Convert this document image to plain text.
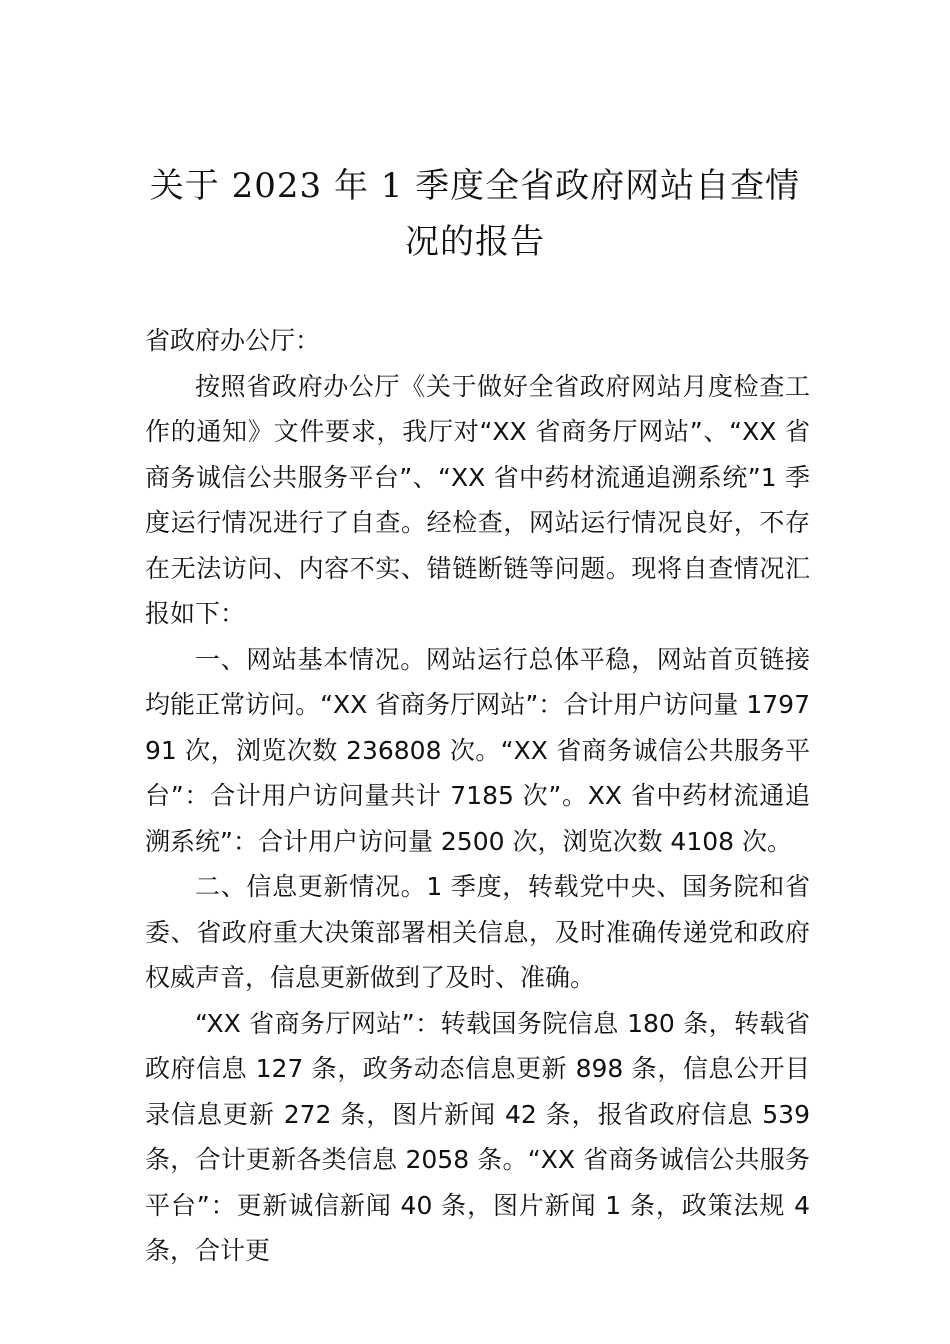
关于 2023 年 1 季度全省政府网站自查情
况的报告

省政府办公厅：

按照省政府办公厅《关于做好全省政府网站月度检查工作的通知》文件要求，我厅对“XX 省商务厅网站”、“XX 省商务诚信公共服务平台”、“XX 省中药材流通追溯系统”1 季度运行情况进行了自查。经检查，网站运行情况良好，不存在无法访问、内容不实、错链断链等问题。现将自查情况汇报如下：

一、网站基本情况。网站运行总体平稳，网站首页链接均能正常访问。“XX 省商务厅网站”：合计用户访问量 179791 次，浏览次数 236808 次。“XX 省商务诚信公共服务平台”：合计用户访问量共计 7185 次”。XX 省中药材流通追溯系统”：合计用户访问量 2500 次，浏览次数 4108 次。

二、信息更新情况。1 季度，转载党中央、国务院和省委、省政府重大决策部署相关信息，及时准确传递党和政府权威声音，信息更新做到了及时、准确。

“XX 省商务厅网站”：转载国务院信息 180 条，转载省政府信息 127 条，政务动态信息更新 898 条，信息公开目录信息更新 272 条，图片新闻 42 条，报省政府信息 539 条，合计更新各类信息 2058 条。“XX 省商务诚信公共服务平台”：更新诚信新闻 40 条，图片新闻 1 条，政策法规 4 条，合计更
